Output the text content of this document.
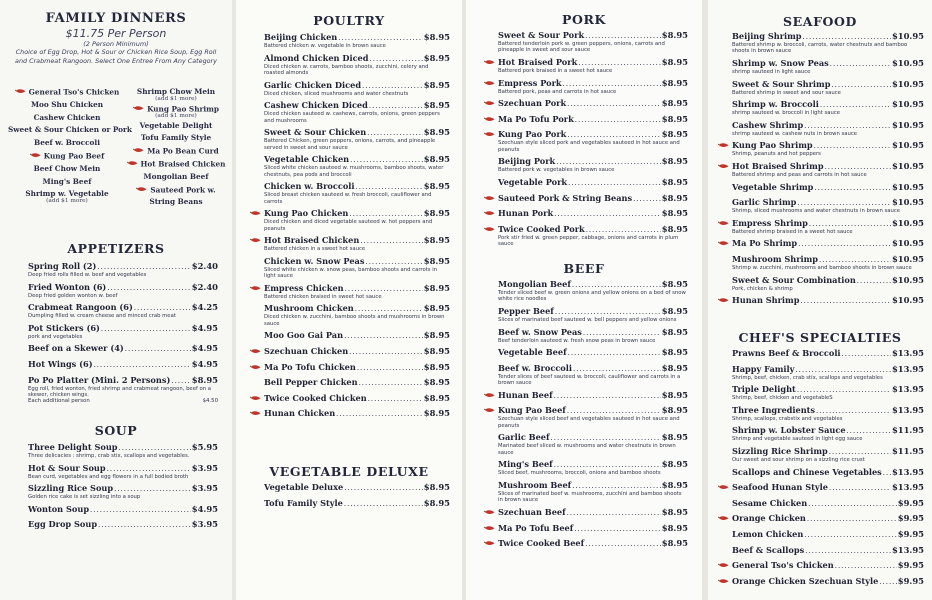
FAMILY DINNERS
$11.75 Per Person
(2 Person Minimum)
Choice of Egg Drop, Hot & Sour or Chicken Rice Soup, Egg Roll and Crabmeat Rangoon. Select One Entree From Any Category
General Tso's Chicken
Moo Shu Chicken
Cashew Chicken
Sweet & Sour Chicken or Pork
Beef w. Broccoli
Kung Pao Beef
Beef Chow Mein
Ming's Beef
Shrimp w. Vegetable
(add $1 more)
Shrimp Chow Mein
(add $1 more)
Kung Pao Shrimp
(add $1 more)
Vegetable Delight
Tofu Family Style
Ma Po Bean Curd
Hot Braised Chicken
Mongolian Beef
Sauteed Pork w.
String Beans
APPETIZERS
Spring Roll (2) .....	$2.40
Deep fried rolls filled w. beef and vegetables
Fried Wonton (6) .....	$2.40
Deep fried golden wonton w. beef
Crabmeat Rangoon (6) .....	$4.25
Dumpling filled w. cream cheese and minced crab meat
Pot Stickers (6) .....	$4.95
pork and vegetables
Beef on a Skewer (4) .....	$4.95
Hot Wings (6) .....	$4.95
Po Po Platter (Mini. 2 Persons) .....	$8.95
Egg roll, fried wonton, fried shrimp and crabmeat rangoon, beef on a skewer, chicken wings.
Each additional person	$4.50
SOUP
Three Delight Soup .....	$5.95
Three delicacies : shrimp, crab stix, scallops and vegetables.
Hot & Sour Soup .....	$3.95
Bean curd, vegetables and egg flowers in a full bodied broth
Sizzling Rice Soup .....	$3.95
Golden rice cake is set sizzling into a soup
Wonton Soup .....	$4.95
Egg Drop Soup .....	$3.95
POULTRY
Beijing Chicken .....	$8.95
Battered chicken w. vegetable in brown sauce
Almond Chicken Diced .....	$8.95
Diced chicken w. carrots, bamboo shoots, zucchini, celery and roasted almonds
Garlic Chicken Diced .....	$8.95
Diced chicken, sliced mushrooms and water chestnuts
Cashew Chicken Diced .....	$8.95
Diced chicken sauteed w. cashews, carrots, onions, green peppers and mushrooms
Sweet & Sour Chicken .....	$8.95
Battered Chicken, green peppers, onions, carrots, and pineapple served in sweet and sour sauce
Vegetable Chicken .....	$8.95
Sliced white chicken sauteed w. mushrooms, bamboo shoots, water chestnuts, pea pods and broccoli
Chicken w. Broccoli .....	$8.95
Sliced breast chicken sauteed w. fresh broccoli, cauliflower and carrots
Kung Pao Chicken .....	$8.95
Diced chicken and diced vegetable sauteed w. hot peppers and peanuts
Hot Braised Chicken .....	$8.95
Battered chicken in a sweet hot sauce
Chicken w. Snow Peas .....	$8.95
Sliced white chicken w. snow peas, bamboo shoots and carrots in light sauce
Empress Chicken .....	$8.95
Battered chicken braised in sweet hot sauce
Mushroom Chicken .....	$8.95
Diced chicken w. zucchini, bamboo shoots and mushrooms in brown sauce
Moo Goo Gai Pan .....	$8.95
Szechuan Chicken .....	$8.95
Ma Po Tofu Chicken .....	$8.95
Bell Pepper Chicken .....	$8.95
Twice Cooked Chicken .....	$8.95
Hunan Chicken .....	$8.95
VEGETABLE DELUXE
Vegetable Deluxe .....	$8.95
Tofu Family Style .....	$8.95
PORK
Sweet & Sour Pork .....	$8.95
Battered tenderloin pork w. green peppers, onions, carrots and pineapple in sweet and sour sauce
Hot Braised Pork .....	$8.95
Battered pork braised in a sweet hot sauce
Empress Pork .....	$8.95
Battered pork, peas and carrots in hot sauce
Szechuan Pork .....	$8.95
Ma Po Tofu Pork .....	$8.95
Kung Pao Pork .....	$8.95
Szechuan style sliced pork and vegetables sauteed in hot sauce and peanuts
Beijing Pork .....	$8.95
Battered pork w. vegetables in brown sauce
Vegetable Pork .....	$8.95
Sauteed Pork & String Beans .....	$8.95
Hunan Pork .....	$8.95
Twice Cooked Pork .....	$8.95
Pork stir fried w. green pepper, cabbage, onions and carrots in plum sauce
BEEF
Mongolian Beef .....	$8.95
Tender sliced beef w. green onions and yellow onions on a bed of snow white rice noodles
Pepper Beef .....	$8.95
Slices of marinated beef sauteed w. bell peppers and yellow onions
Beef w. Snow Peas .....	$8.95
Beef tenderloin sauteed w. fresh snow peas in brown sauce
Vegetable Beef .....	$8.95
Beef w. Broccoli .....	$8.95
Tender slices of beef sauteed w. broccoli, cauliflower and carrots in a brown sauce
Hunan Beef .....	$8.95
Kung Pao Beef .....	$8.95
Szechuan style sliced beef and vegetables sauteed in hot sauce and peanuts
Garlic Beef .....	$8.95
Marinated beef sliced w. mushrooms and water chestnuts in brown sauce
Ming's Beef .....	$8.95
Sliced beef, mushrooms, broccoli, onions and bamboo shoots
Mushroom Beef .....	$8.95
Slices of marinated beef w. mushrooms, zucchini and bamboo shoots in brown sauce
Szechuan Beef .....	$8.95
Ma Po Tofu Beef .....	$8.95
Twice Cooked Beef .....	$8.95
SEAFOOD
Beijing Shrimp .....	$10.95
Battered shrimp w. broccoli, carrots, water chestnuts and bamboo shoots in brown sauce
Shrimp w. Snow Peas .....	$10.95
shrimp sauteed in light sauce
Sweet & Sour Shrimp .....	$10.95
Battered shrimp in sweet and sour sauce
Shrimp w. Broccoli .....	$10.95
shrimp sauteed w. broccoli in light sauce
Cashew Shrimp .....	$10.95
shrimp sauteed w. cashew nuts in brown sauce
Kung Pao Shrimp .....	$10.95
Shrimp, peanuts and hot peppers
Hot Braised Shrimp .....	$10.95
Battered shrimp and peas and carrots in hot sauce
Vegetable Shrimp .....	$10.95
Garlic Shrimp .....	$10.95
Shrimp, sliced mushrooms and water chestnuts in brown sauce
Empress Shrimp .....	$10.95
Battered shrimp braised in a sweet hot sauce
Ma Po Shrimp .....	$10.95
Mushroom Shrimp .....	$10.95
Shrimp w. zucchini, mushrooms and bamboo shoots in brown sauce
Sweet & Sour Combination .....	$10.95
Pork, chicken & shrimp
Hunan Shrimp .....	$10.95
CHEF'S SPECIALTIES
Prawns Beef & Broccoli .....	$13.95
Happy Family .....	$13.95
Shrimp, beef, chicken, crab stix, scallops and vegetables
Triple Delight .....	$13.95
Shrimp, beef, chicken and vegetableS
Three Ingredients .....	$13.95
Shrimp, scallops, crabstix and vegetables
Shrimp w. Lobster Sauce .....	$11.95
Shrimp and vegetable sauteed in light egg sauce
Sizzling Rice Shrimp .....	$11.95
Our sweet and sour shrimp on a sizzling rice crust
Scallops and Chinese Vegetables ..... $13.95
Seafood Hunan Style .....	$13.95
Sesame Chicken .....	$9.95
Orange Chicken .....	$9.95
Lemon Chicken .....	$9.95
Beef & Scallops .....	$13.95
General Tso's Chicken .....	$9.95
Orange Chicken Szechuan Style ..... $9.95
